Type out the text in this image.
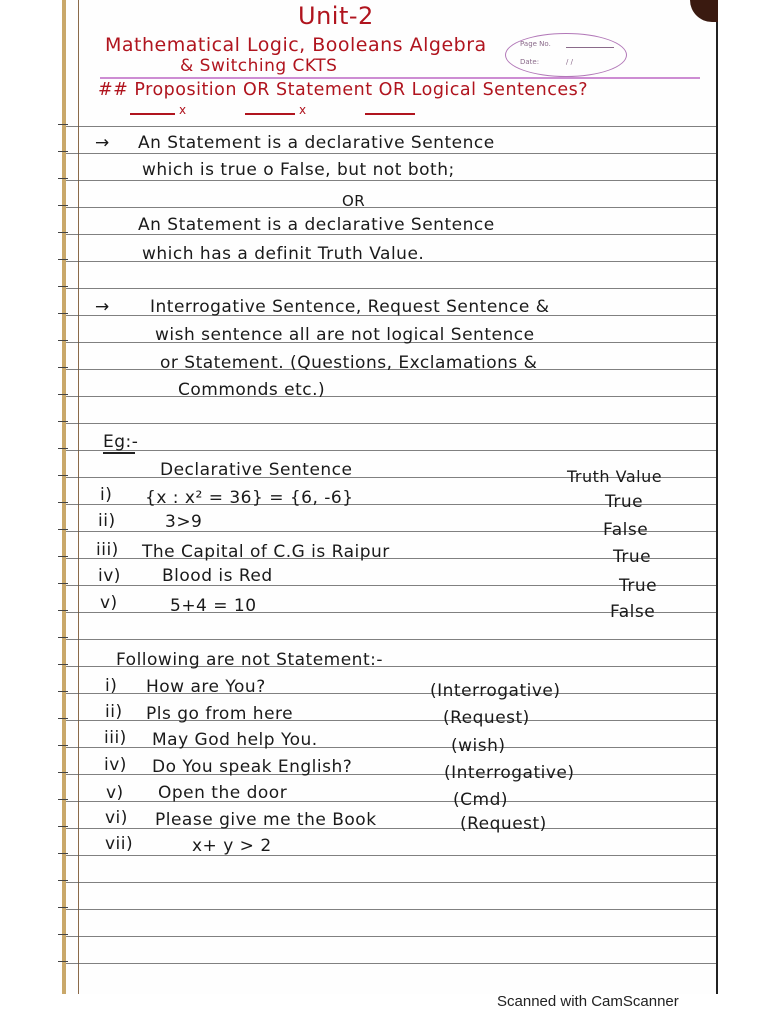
Unit-2
Mathematical Logic, Booleans Algebra
& Switching CKTS
Page No.
Date:	/ /
## Proposition OR Statement OR Logical Sentences?
x	x
→ An Statement is a declarative Sentence
which is true o False, but not both;
OR
An Statement is a declarative Sentence
which has a definit Truth Value.
→ Interrogative Sentence, Request Sentence &
wish sentence all are not logical Sentence
or Statement. (Questions, Exclamations &
Commonds etc.)
Eg:-
Declarative Sentence	Truth Value
i) {x : x² = 36} = {6, -6}	True
ii)	3>9	False
iii) The Capital of C.G is Raipur	True
iv) Blood is Red	True
v)	5+4 = 10	False
Following are not Statement:-
i) How are You?	(Interrogative)
ii) Pls go from here	(Request)
iii) May God help You.	(wish)
iv) Do You speak English?	(Interrogative)
v) Open the door	(Cmd)
vi) Please give me the Book	(Request)
vii)	x+ y > 2
Scanned with CamScanner
